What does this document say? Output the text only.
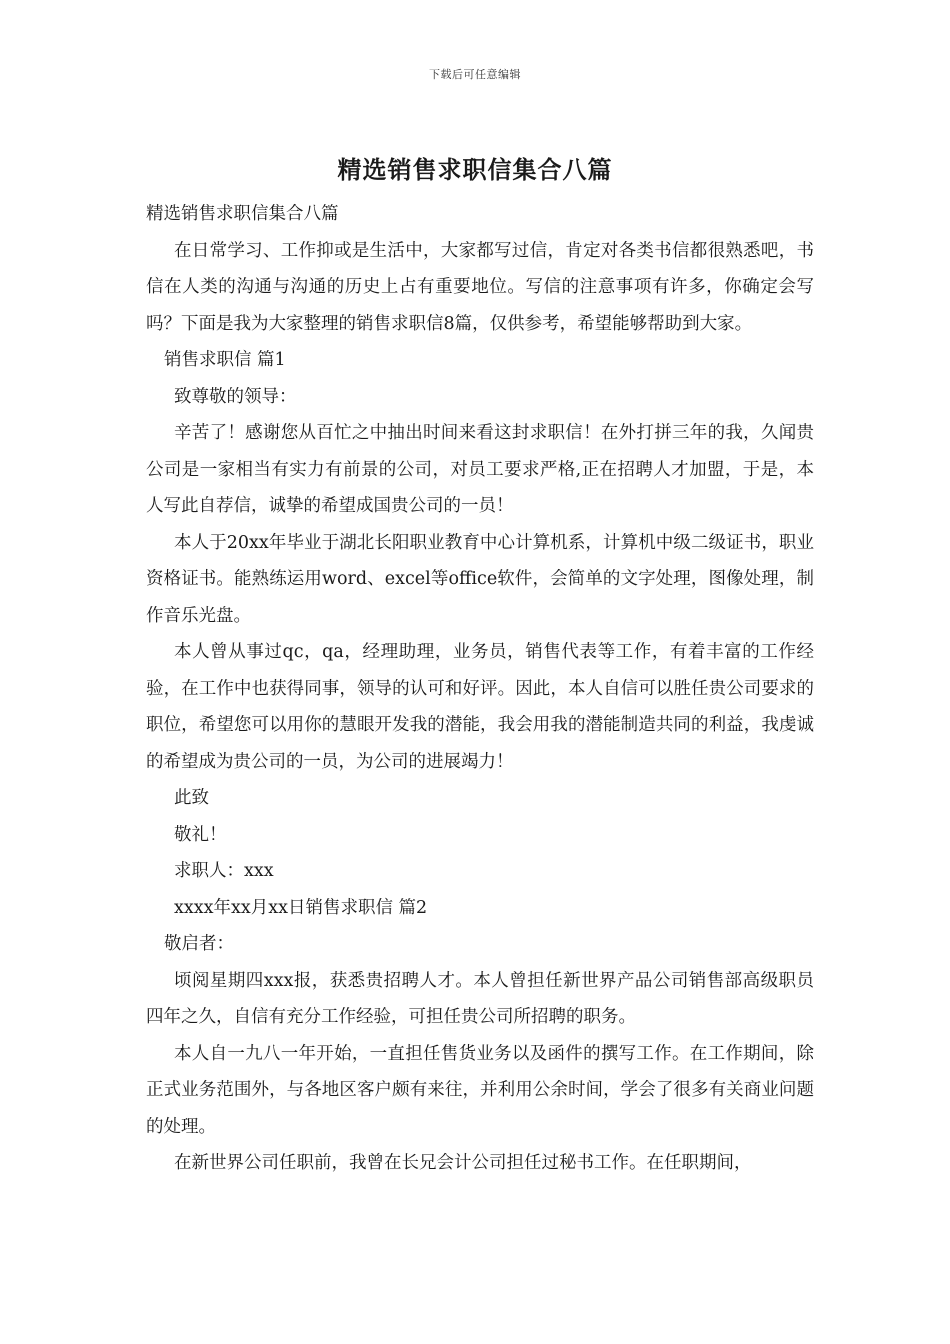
下载后可任意编辑
精选销售求职信集合八篇

精选销售求职信集合八篇

在日常学习、工作抑或是生活中，大家都写过信，肯定对各类书信都很熟悉吧，书信在人类的沟通与沟通的历史上占有重要地位。写信的注意事项有许多，你确定会写吗？下面是我为大家整理的销售求职信8篇，仅供参考，希望能够帮助到大家。

销售求职信 篇1

致尊敬的领导：

辛苦了！感谢您从百忙之中抽出时间来看这封求职信！在外打拼三年的我，久闻贵公司是一家相当有实力有前景的公司，对员工要求严格,正在招聘人才加盟，于是，本人写此自荐信，诚挚的希望成国贵公司的一员！

本人于20xx年毕业于湖北长阳职业教育中心计算机系，计算机中级二级证书，职业资格证书。能熟练运用word、excel等office软件，会简单的文字处理，图像处理，制作音乐光盘。

本人曾从事过qc，qa，经理助理，业务员，销售代表等工作，有着丰富的工作经验，在工作中也获得同事，领导的认可和好评。因此，本人自信可以胜任贵公司要求的职位，希望您可以用你的慧眼开发我的潜能，我会用我的潜能制造共同的利益，我虔诚的希望成为贵公司的一员，为公司的进展竭力！

此致

敬礼！

求职人：xxx

xxxx年xx月xx日销售求职信 篇2

敬启者：

顷阅星期四xxx报，获悉贵招聘人才。本人曾担任新世界产品公司销售部高级职员四年之久，自信有充分工作经验，可担任贵公司所招聘的职务。

本人自一九八一年开始，一直担任售货业务以及函件的撰写工作。在工作期间，除正式业务范围外，与各地区客户颇有来往，并利用公余时间，学会了很多有关商业问题的处理。

在新世界公司任职前，我曾在长兄会计公司担任过秘书工作。在任职期间，
